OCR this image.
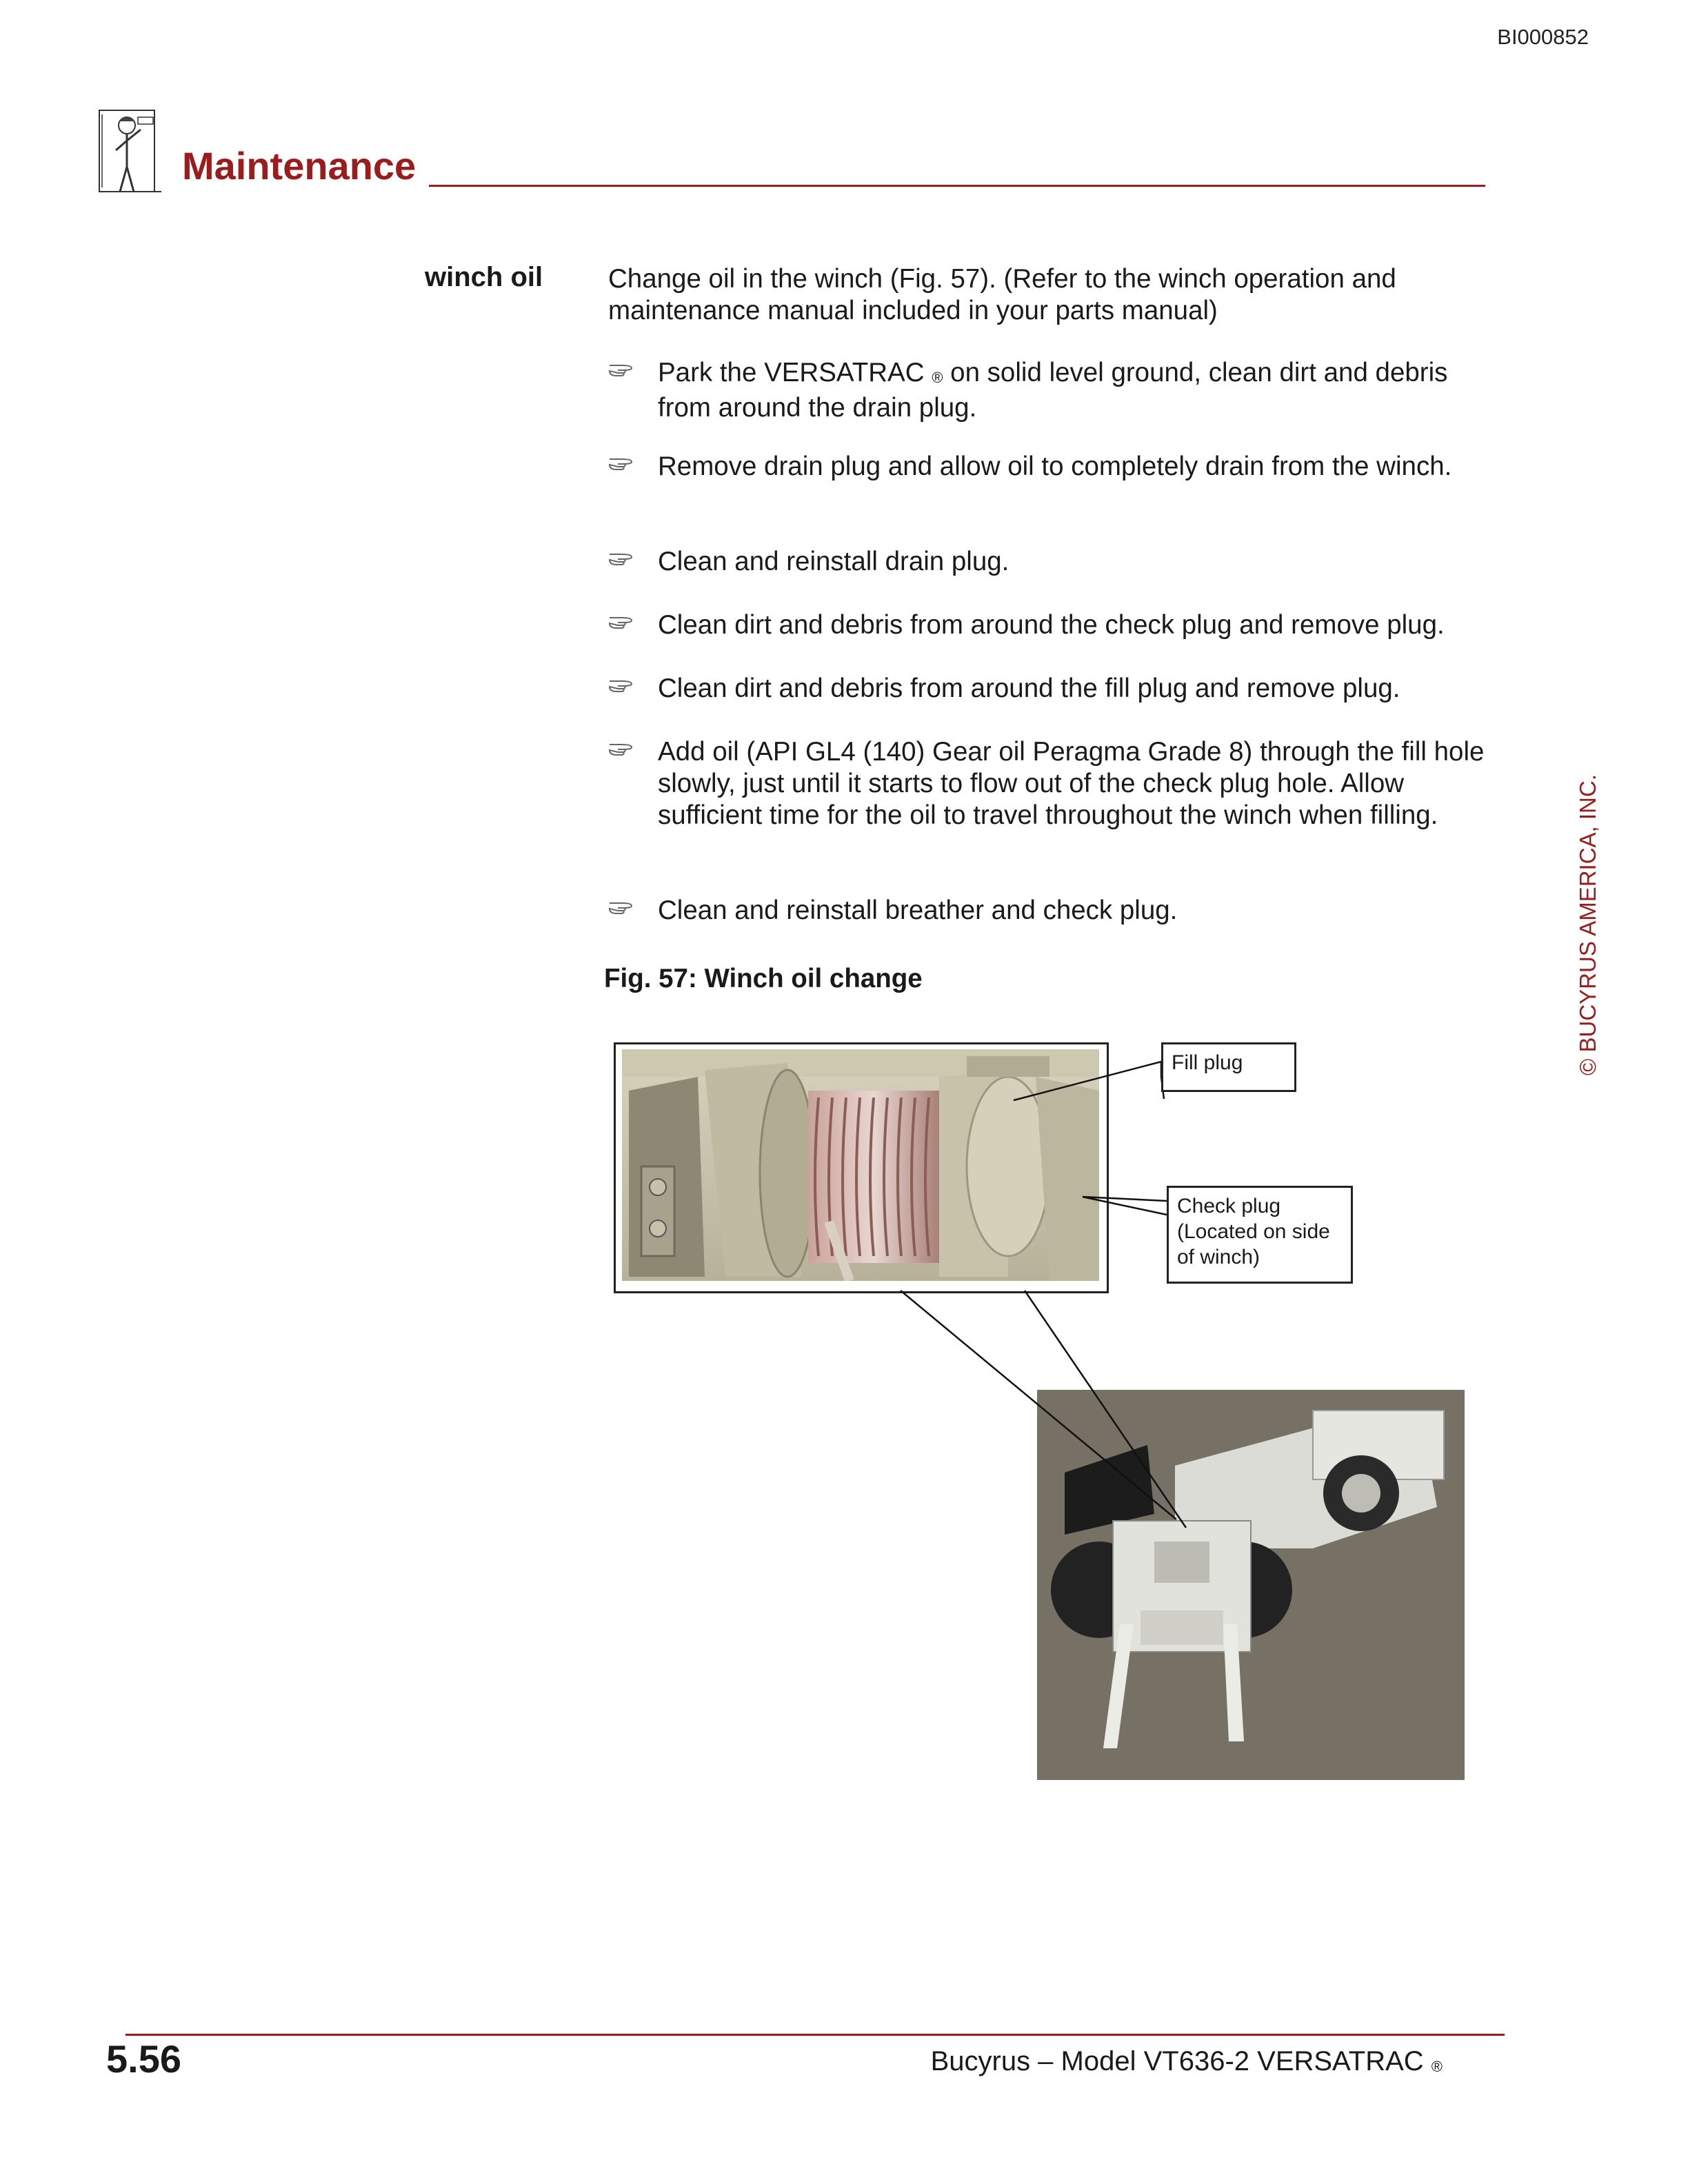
BI000852
Maintenance
winch oil Change oil in the winch (Fig. 57). (Refer to the winch operation and maintenance manual included in your parts manual)
Park the VERSATRAC ® on solid level ground, clean dirt and debris from around the drain plug.
Remove drain plug and allow oil to completely drain from the winch.
Clean and reinstall drain plug.
Clean dirt and debris from around the check plug and remove plug.
Clean dirt and debris from around the fill plug and remove plug.
Add oil (API GL4 (140) Gear oil Peragma Grade 8) through the fill hole slowly, just until it starts to flow out of the check plug hole. Allow sufficient time for the oil to travel throughout the winch when filling.
Clean and reinstall breather and check plug.
Fig. 57: Winch oil change
Fill plug
Check plug (Located on side of winch)
© BUCYRUS AMERICA, INC.
5.56	Bucyrus – Model VT636-2 VERSATRAC ®
